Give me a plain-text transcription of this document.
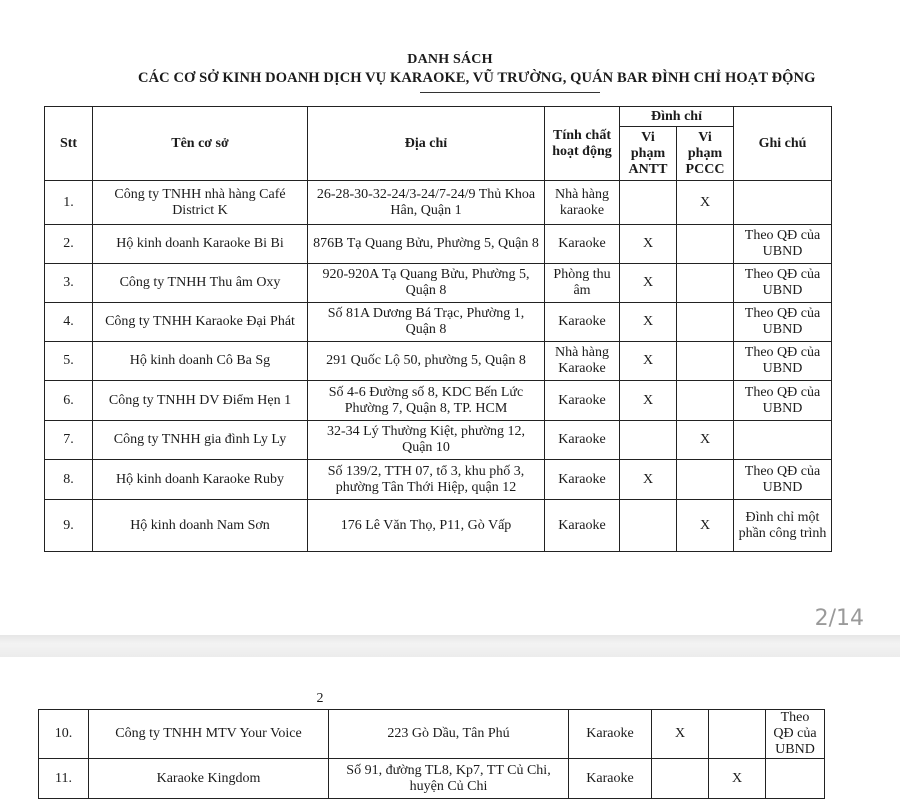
DANH SÁCH
CÁC CƠ SỞ KINH DOANH DỊCH VỤ KARAOKE, VŨ TRƯỜNG, QUÁN BAR ĐÌNH CHỈ HOẠT ĐỘNG
Stt	Tên cơ sở	Địa chỉ	Tính chất hoạt động	Đình chỉ		Ghi chú
				Vi phạm ANTT	Vi phạm PCCC	
1.	Công ty TNHH nhà hàng Café District K	26-28-30-32-24/3-24/7-24/9 Thủ Khoa Hân, Quận 1	Nhà hàng karaoke		X	
2.	Hộ kinh doanh Karaoke Bi Bi	876B Tạ Quang Bửu, Phường 5, Quận 8	Karaoke	X		Theo QĐ của UBND
3.	Công ty TNHH Thu âm Oxy	920-920A Tạ Quang Bửu, Phường 5, Quận 8	Phòng thu âm	X		Theo QĐ của UBND
4.	Công ty TNHH Karaoke Đại Phát	Số 81A Dương Bá Trạc, Phường 1, Quận 8	Karaoke	X		Theo QĐ của UBND
5.	Hộ kinh doanh Cô Ba Sg	291 Quốc Lộ 50, phường 5, Quận 8	Nhà hàng Karaoke	X		Theo QĐ của UBND
6.	Công ty TNHH DV Điểm Hẹn 1	Số 4-6 Đường số 8, KDC Bến Lức Phường 7, Quận 8, TP. HCM	Karaoke	X		Theo QĐ của UBND
7.	Công ty TNHH gia đình Ly Ly	32-34 Lý Thường Kiệt, phường 12, Quận 10	Karaoke		X	
8.	Hộ kinh doanh Karaoke Ruby	Số 139/2, TTH 07, tổ 3, khu phố 3, phường Tân Thới Hiệp, quận 12	Karaoke	X		Theo QĐ của UBND
9.	Hộ kinh doanh Nam Sơn	176 Lê Văn Thọ, P11, Gò Vấp	Karaoke		X	Đình chỉ một phần công trình
2/14
2
10.	Công ty TNHH MTV Your Voice	223 Gò Dầu, Tân Phú	Karaoke	X		Theo QĐ của UBND
11.	Karaoke Kingdom	Số 91, đường TL8, Kp7, TT Củ Chi, huyện Củ Chi	Karaoke		X	
